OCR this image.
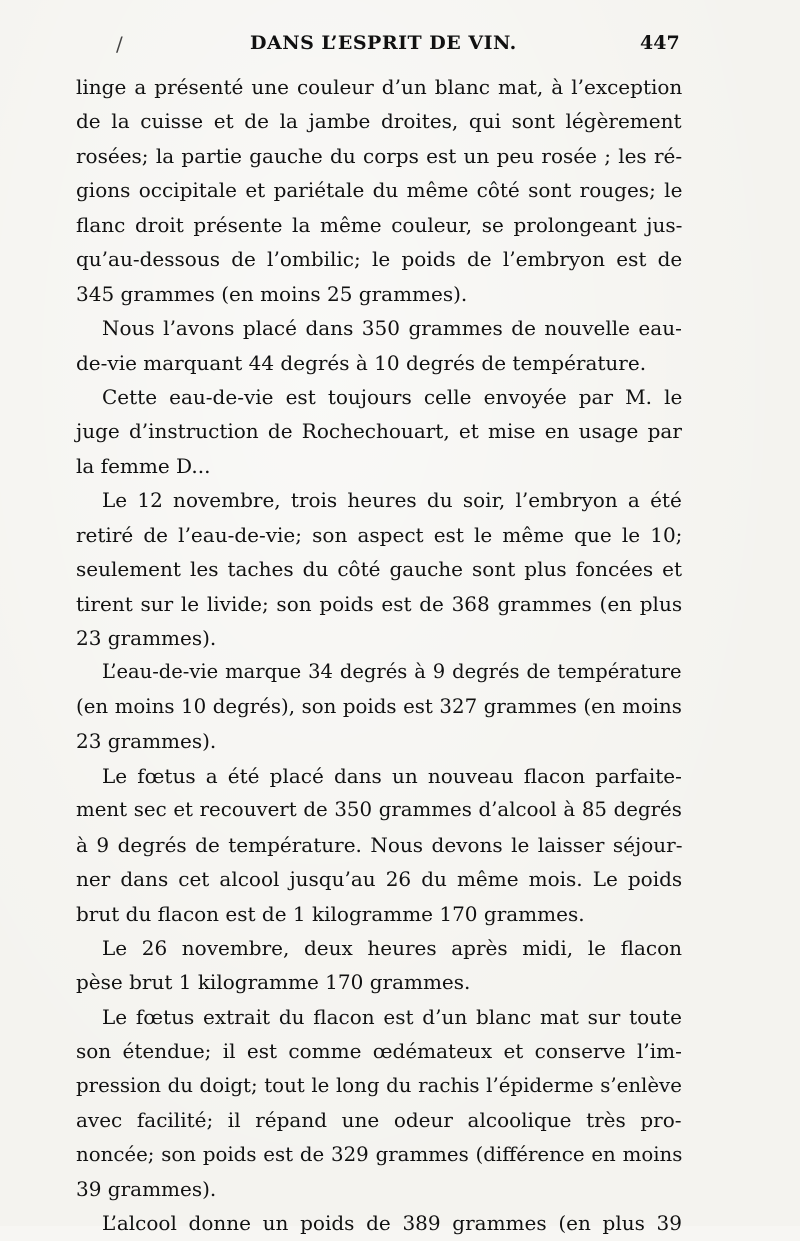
/	DANS L’ESPRIT DE VIN.	447
linge a présenté une couleur d’un blanc mat, à l’exception
de la cuisse et de la jambe droites, qui sont légèrement
rosées; la partie gauche du corps est un peu rosée ; les ré-
gions occipitale et pariétale du même côté sont rouges; le
flanc droit présente la même couleur, se prolongeant jus-
qu’au-dessous de l’ombilic; le poids de l’embryon est de
345 grammes (en moins 25 grammes).
Nous l’avons placé dans 350 grammes de nouvelle eau-
de-vie marquant 44 degrés à 10 degrés de température.
Cette eau-de-vie est toujours celle envoyée par M. le
juge d’instruction de Rochechouart, et mise en usage par
la femme D...
Le 12 novembre, trois heures du soir, l’embryon a été
retiré de l’eau-de-vie; son aspect est le même que le 10;
seulement les taches du côté gauche sont plus foncées et
tirent sur le livide; son poids est de 368 grammes (en plus
23 grammes).
L’eau-de-vie marque 34 degrés à 9 degrés de température
(en moins 10 degrés), son poids est 327 grammes (en moins
23 grammes).
Le fœtus a été placé dans un nouveau flacon parfaite-
ment sec et recouvert de 350 grammes d’alcool à 85 degrés
à 9 degrés de température. Nous devons le laisser séjour-
ner dans cet alcool jusqu’au 26 du même mois. Le poids
brut du flacon est de 1 kilogramme 170 grammes.
Le 26 novembre, deux heures après midi, le flacon
pèse brut 1 kilogramme 170 grammes.
Le fœtus extrait du flacon est d’un blanc mat sur toute
son étendue; il est comme œdémateux et conserve l’im-
pression du doigt; tout le long du rachis l’épiderme s’enlève
avec facilité; il répand une odeur alcoolique très pro-
noncée; son poids est de 329 grammes (différence en moins
39 grammes).
L’alcool donne un poids de 389 grammes (en plus 39
